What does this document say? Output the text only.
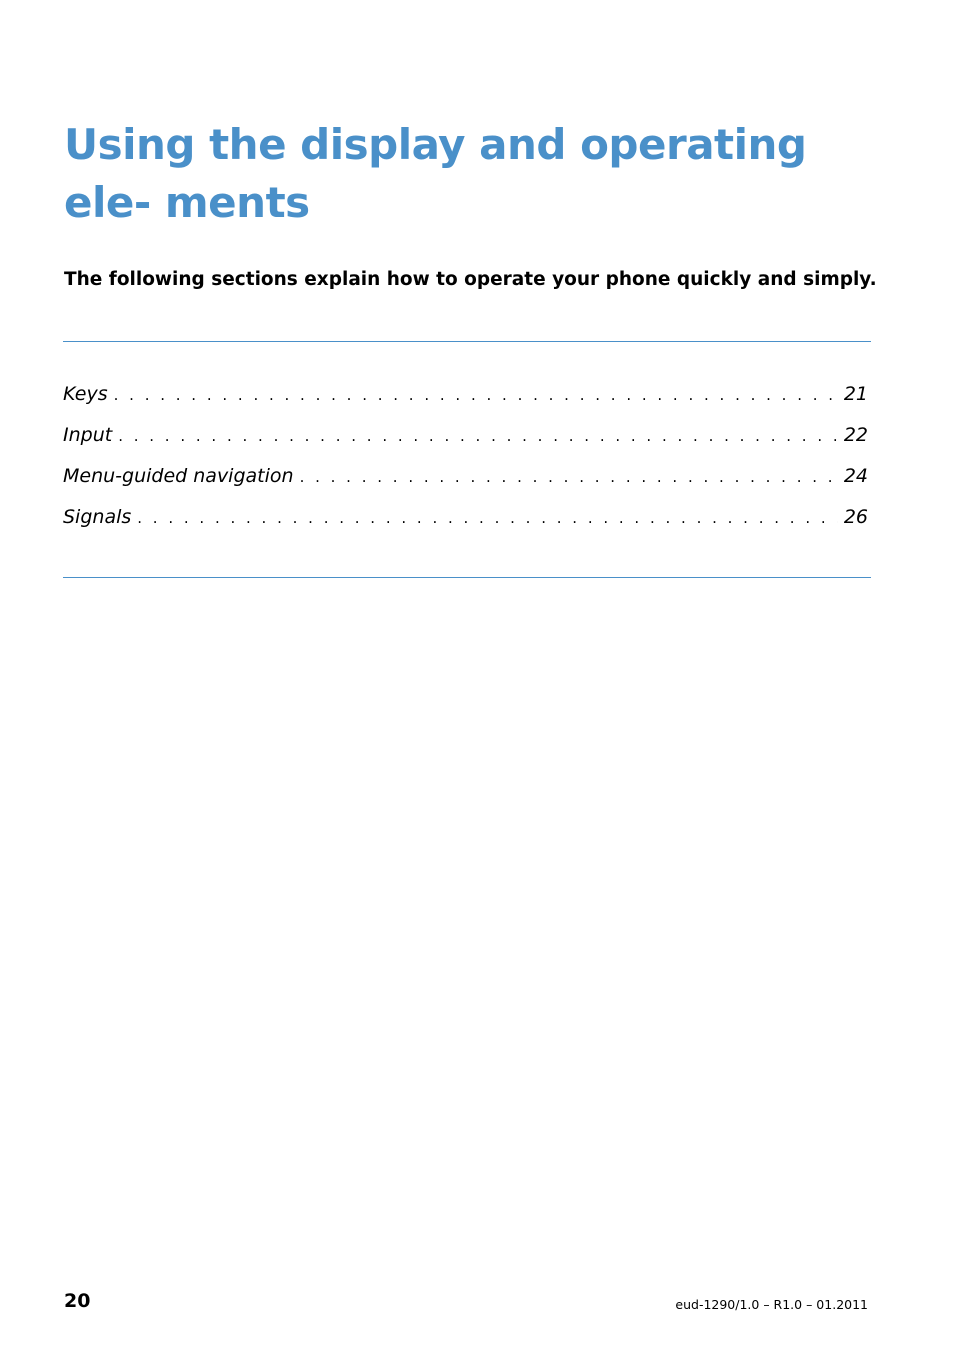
Using the display and operating ele- ments

The following sections explain how to operate your phone quickly and simply.

Keys . . .	21
Input . . .	22
Menu-guided navigation . . .	24
Signals . . .	26
20	eud-1290/1.0 – R1.0 – 01.2011
